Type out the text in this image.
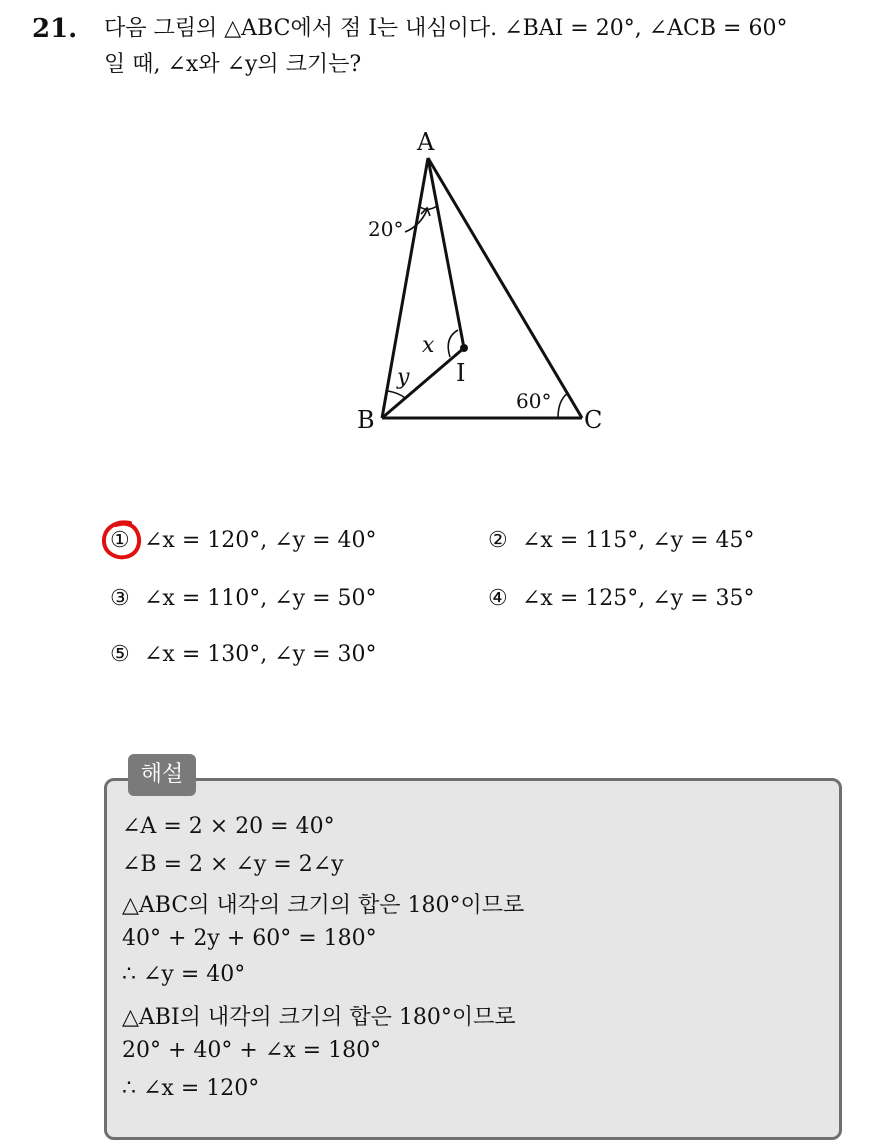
21. 다음 그림의 △ABC에서 점 I는 내심이다. ∠BAI = 20°, ∠ACB = 60°
일 때, ∠x와 ∠y의 크기는?
A
B	C
I
20°
60°
x
y
① ∠x = 120°, ∠y = 40°	② ∠x = 115°, ∠y = 45°
③ ∠x = 110°, ∠y = 50°	④ ∠x = 125°, ∠y = 35°
⑤ ∠x = 130°, ∠y = 30°
해설
∠A = 2 × 20 = 40°
∠B = 2 × ∠y = 2∠y
△ABC의 내각의 크기의 합은 180°이므로
40° + 2y + 60° = 180°
∴ ∠y = 40°
△ABI의 내각의 크기의 합은 180°이므로
20° + 40° + ∠x = 180°
∴ ∠x = 120°
